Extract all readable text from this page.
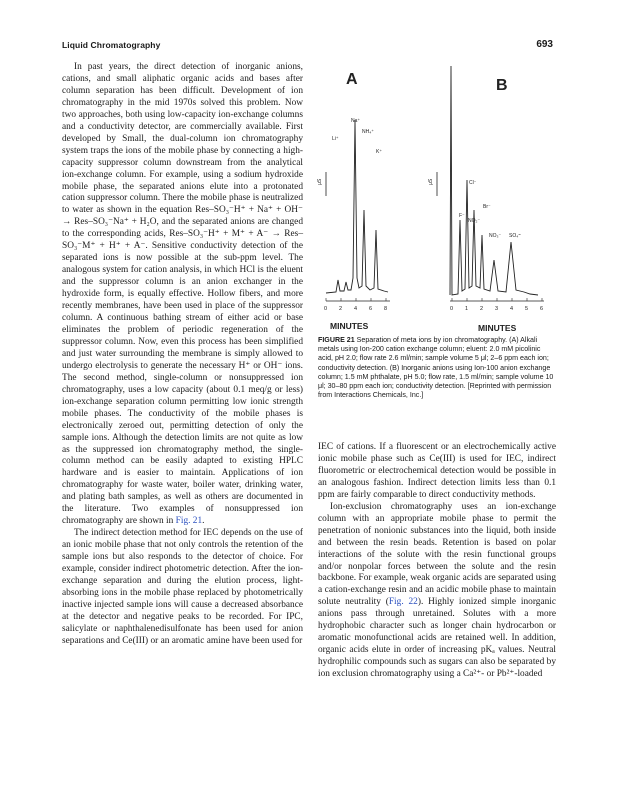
Liquid Chromatography	693

In past years, the direct detection of inorganic anions, cations, and small aliphatic organic acids and bases after column separation has been difficult. Development of ion chromatography in the mid 1970s solved this problem. Now two approaches, both using low-capacity ion-exchange columns and a conductivity detector, are commercially available. First developed by Small, the dual-column ion chromatography system traps the ions of the mobile phase by connecting a high-capacity suppressor column downstream from the analytical ion-exchange column. For example, using a sodium hydroxide mobile phase, the separated anions elute into a protonated cation suppressor column. There the mobile phase is neutralized to water as shown in the equation Res–SO₃⁻H⁺ + Na⁺ + OH⁻ → Res–SO₃⁻Na⁺ + H₂O, and the separated anions are changed to the corresponding acids, Res–SO₃⁻H⁺ + M⁺ + A⁻ → Res–SO₃⁻M⁺ + H⁺ + A⁻. Sensitive conductivity detection of the separated ions is now possible at the sub-ppm level. The analogous system for cation analysis, in which HCl is the eluent and the suppressor column is an anion exchanger in the hydroxide form, is equally effective. Hollow fibers, and more recently membranes, have been used in place of the suppressor column. A continuous bathing stream of either acid or base eliminates the problem of periodic regeneration of the suppressor column. Now, even this process has been simplified and just water surrounding the membrane is simply allowed to undergo electrolysis to generate the necessary H⁺ or OH⁻ ions. The second method, single-column or nonsuppressed ion chromatography, uses a low capacity (about 0.1 meq/g or less) ion-exchange separation column permitting low ionic strength mobile phases. The conductivity of the mobile phases is electronically zeroed out, permitting detection of only the sample ions. Although the detection limits are not quite as low as the suppressed ion chromatography method, the single-column method can be easily adapted to existing HPLC hardware and is easier to maintain. Applications of ion chromatography for waste water, boiler water, drinking water, and plating bath samples, as well as others are documented in the literature. Two examples of nonsuppressed ion chromatography are shown in Fig. 21.

The indirect detection method for IEC depends on the use of an ionic mobile phase that not only controls the retention of the sample ions but also responds to the detector of choice. For example, consider indirect photometric detection. After the ion-exchange separation and during the elution process, light-absorbing ions in the mobile phase replaced by photometrically inactive injected sample ions will cause a decreased absorbance at the detector and negative peaks to be recorded. For IPC, salicylate or naphthalenedisulfonate has been used for anion separations and Ce(III) or an aromatic amine have been used for

A
μS
Li⁺
Na⁺
NH₄⁺
K⁺
0 2 4 6 8
MINUTES
B
μS
F⁻
Cl⁻
NO₂⁻
Br⁻
NO₃⁻ SO₄⁼
0 1 2 3 4 5 6
MINUTES
FIGURE 21 Separation of meta ions by ion chromatography. (A) Alkali metals using Ion-200 cation exchange column; eluent: 2.0 mM picolinic acid, pH 2.0; flow rate 2.6 ml/min; sample volume 5 μl; 2–6 ppm each ion; conductivity detection. (B) Inorganic anions using Ion-100 anion exchange column; 1.5 mM phthalate, pH 5.0; flow rate, 1.5 ml/min; sample volume 10 μl; 30–80 ppm each ion; conductivity detection. [Reprinted with permission from Interactions Chemicals, Inc.]

IEC of cations. If a fluorescent or an electrochemically active ionic mobile phase such as Ce(III) is used for IEC, indirect fluorometric or electrochemical detection would be possible in an analogous fashion. Indirect detection limits less than 0.1 ppm are fairly comparable to direct conductivity methods.

Ion-exclusion chromatography uses an ion-exchange column with an appropriate mobile phase to permit the penetration of nonionic substances into the liquid, both inside and between the resin beads. Retention is based on polar interactions of the solute with the resin functional groups and/or nonpolar forces between the solute and the resin backbone. For example, weak organic acids are separated using a cation-exchange resin and an acidic mobile phase to maintain solute neutrality (Fig. 22). Highly ionized simple inorganic anions pass through unretained. Solutes with a more hydrophobic character such as longer chain hydrocarbon or aromatic monofunctional acids are retained well. In addition, organic acids elute in order of increasing pKₐ values. Neutral hydrophilic compounds such as sugars can also be separated by ion exclusion chromatography using a Ca²⁺- or Pb²⁺-loaded
